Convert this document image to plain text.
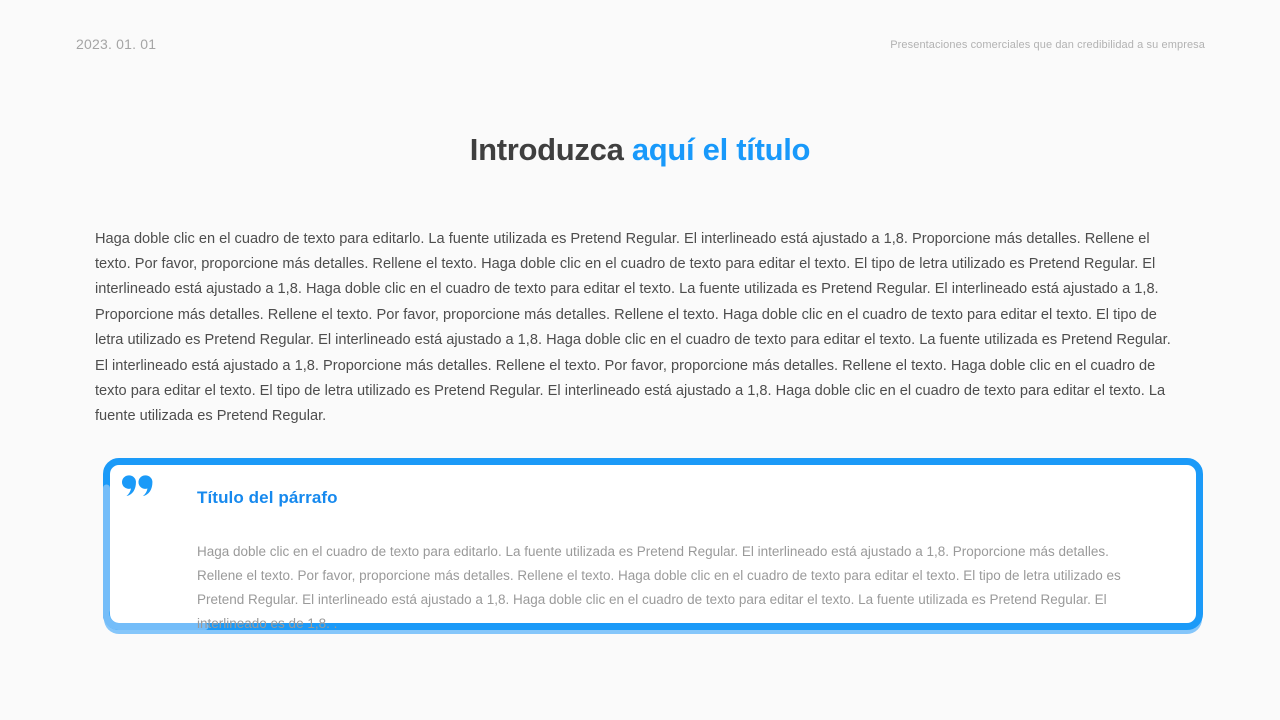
2023. 01. 01	Presentaciones comerciales que dan credibilidad a su empresa
Introduzca aquí el título

Haga doble clic en el cuadro de texto para editarlo. La fuente utilizada es Pretend Regular. El interlineado está ajustado a 1,8. Proporcione más detalles. Rellene el texto. Por favor, proporcione más detalles. Rellene el texto. Haga doble clic en el cuadro de texto para editar el texto. El tipo de letra utilizado es Pretend Regular. El interlineado está ajustado a 1,8. Haga doble clic en el cuadro de texto para editar el texto. La fuente utilizada es Pretend Regular. El interlineado está ajustado a 1,8. Proporcione más detalles. Rellene el texto. Por favor, proporcione más detalles. Rellene el texto. Haga doble clic en el cuadro de texto para editar el texto. El tipo de letra utilizado es Pretend Regular. El interlineado está ajustado a 1,8. Haga doble clic en el cuadro de texto para editar el texto. La fuente utilizada es Pretend Regular. El interlineado está ajustado a 1,8. Proporcione más detalles. Rellene el texto. Por favor, proporcione más detalles. Rellene el texto. Haga doble clic en el cuadro de texto para editar el texto. El tipo de letra utilizado es Pretend Regular. El interlineado está ajustado a 1,8. Haga doble clic en el cuadro de texto para editar el texto. La fuente utilizada es Pretend Regular.

Título del párrafo

Haga doble clic en el cuadro de texto para editarlo. La fuente utilizada es Pretend Regular. El interlineado está ajustado a 1,8. Proporcione más detalles. Rellene el texto. Por favor, proporcione más detalles. Rellene el texto. Haga doble clic en el cuadro de texto para editar el texto. El tipo de letra utilizado es Pretend Regular. El interlineado está ajustado a 1,8. Haga doble clic en el cuadro de texto para editar el texto. La fuente utilizada es Pretend Regular. El interlineado es de 1,8. .
